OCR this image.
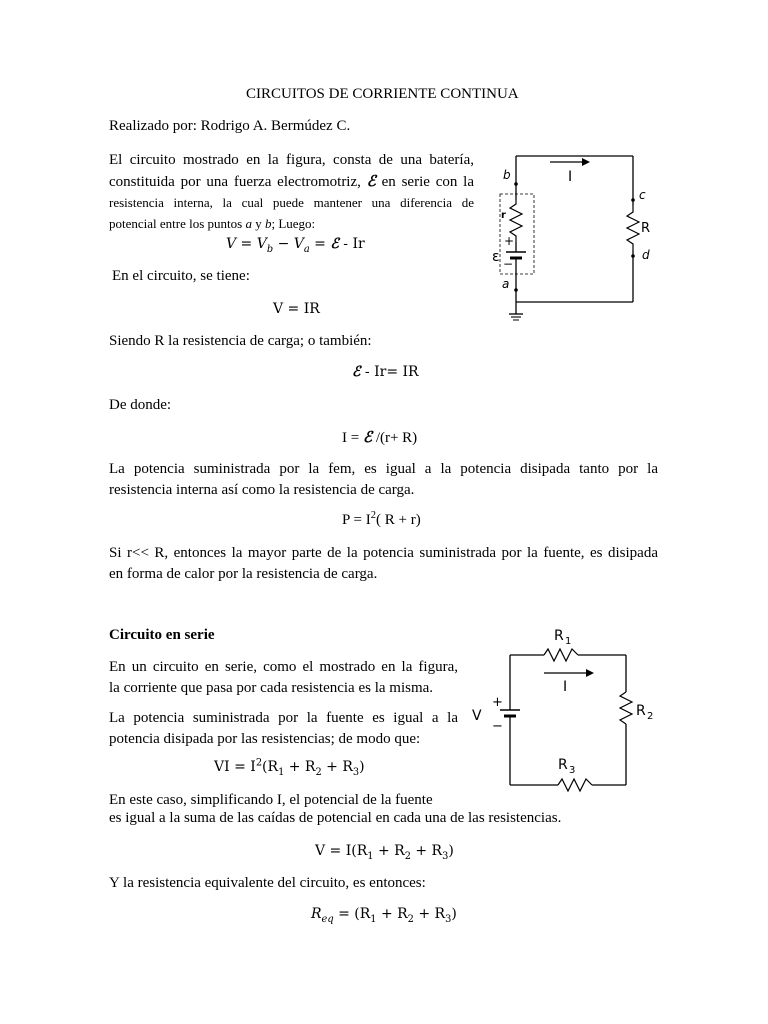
CIRCUITOS DE CORRIENTE CONTINUA
Realizado por: Rodrigo A. Bermúdez C.
El circuito mostrado en la figura, consta de una batería,
constituida por una fuerza electromotriz, ℰ en serie con la
resistencia interna, la cual puede mantener una diferencia de
potencial entre los puntos a y b; Luego:
$V = V_b - V_a$ = ℰ - Ir
En el circuito, se tiene:
V = IR
Siendo R la resistencia de carga; o también:
ℰ - Ir= IR
De donde:
I = ℰ /(r+ R)
La potencia suministrada por la fem, es igual a la potencia disipada tanto por la
resistencia interna así como la resistencia de carga.
$P = I^2$( R + r)
Si r<< R, entonces la mayor parte de la potencia suministrada por la fuente, es disipada
en forma de calor por la resistencia de carga.
Circuito en serie
En un circuito en serie, como el mostrado en la figura,
la corriente que pasa por cada resistencia es la misma.
La potencia suministrada por la fuente es igual a la
potencia disipada por las resistencias; de modo que:
VI = $I^2(R_1 + R_2 + R_3)$
En este caso, simplificando I, el potencial de la fuente
es igual a la suma de las caídas de potencial en cada una de las resistencias.
$V = I(R_1 + R_2 + R_3)$
Y la resistencia equivalente del circuito, es entonces:
$R_{eq} = (R_1 + R_2 + R_3)$
b	I
c
r
R
+
ε −
d
a
R 1
I
V
+
−
R 2
R 3
